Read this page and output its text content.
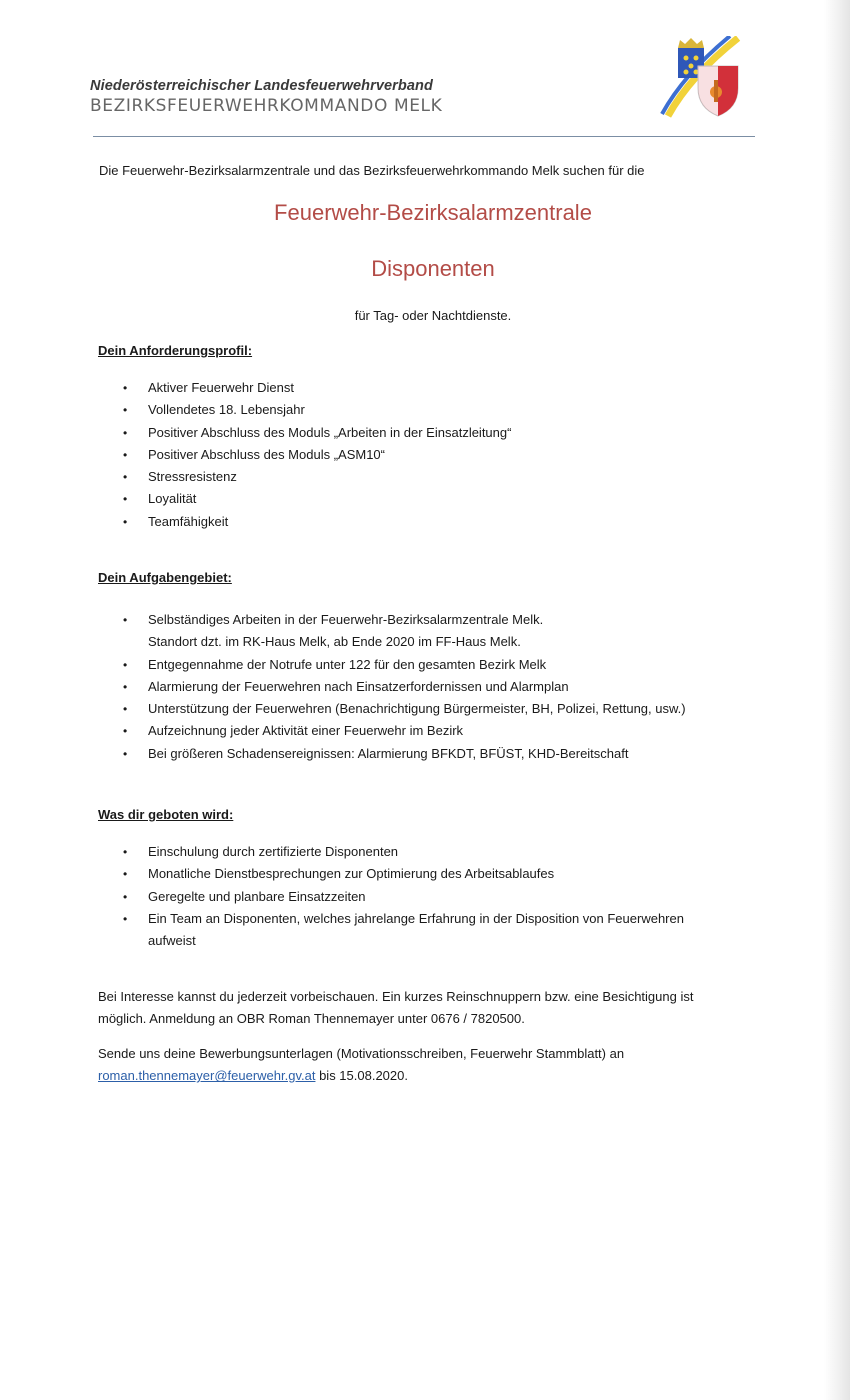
Niederösterreichischer Landesfeuerwehrverband
BEZIRKSFEUERWEHRKOMMANDO MELK
Die Feuerwehr-Bezirksalarmzentrale und das Bezirksfeuerwehrkommando Melk suchen für die
Feuerwehr-Bezirksalarmzentrale
Disponenten
für Tag- oder Nachtdienste.
Dein Anforderungsprofil:
• Aktiver Feuerwehr Dienst
• Vollendetes 18. Lebensjahr
• Positiver Abschluss des Moduls „Arbeiten in der Einsatzleitung“
• Positiver Abschluss des Moduls „ASM10“
• Stressresistenz
• Loyalität
• Teamfähigkeit
Dein Aufgabengebiet:
• Selbständiges Arbeiten in der Feuerwehr-Bezirksalarmzentrale Melk.
Standort dzt. im RK-Haus Melk, ab Ende 2020 im FF-Haus Melk.
• Entgegennahme der Notrufe unter 122 für den gesamten Bezirk Melk
• Alarmierung der Feuerwehren nach Einsatzerfordernissen und Alarmplan
• Unterstützung der Feuerwehren (Benachrichtigung Bürgermeister, BH, Polizei, Rettung, usw.)
• Aufzeichnung jeder Aktivität einer Feuerwehr im Bezirk
• Bei größeren Schadensereignissen: Alarmierung BFKDT, BFÜST, KHD-Bereitschaft
Was dir geboten wird:
• Einschulung durch zertifizierte Disponenten
• Monatliche Dienstbesprechungen zur Optimierung des Arbeitsablaufes
• Geregelte und planbare Einsatzzeiten
• Ein Team an Disponenten, welches jahrelange Erfahrung in der Disposition von Feuerwehren
aufweist
Bei Interesse kannst du jederzeit vorbeischauen. Ein kurzes Reinschnuppern bzw. eine Besichtigung ist
möglich. Anmeldung an OBR Roman Thennemayer unter 0676 / 7820500.
Sende uns deine Bewerbungsunterlagen (Motivationsschreiben, Feuerwehr Stammblatt) an
roman.thennemayer@feuerwehr.gv.at bis 15.08.2020.
